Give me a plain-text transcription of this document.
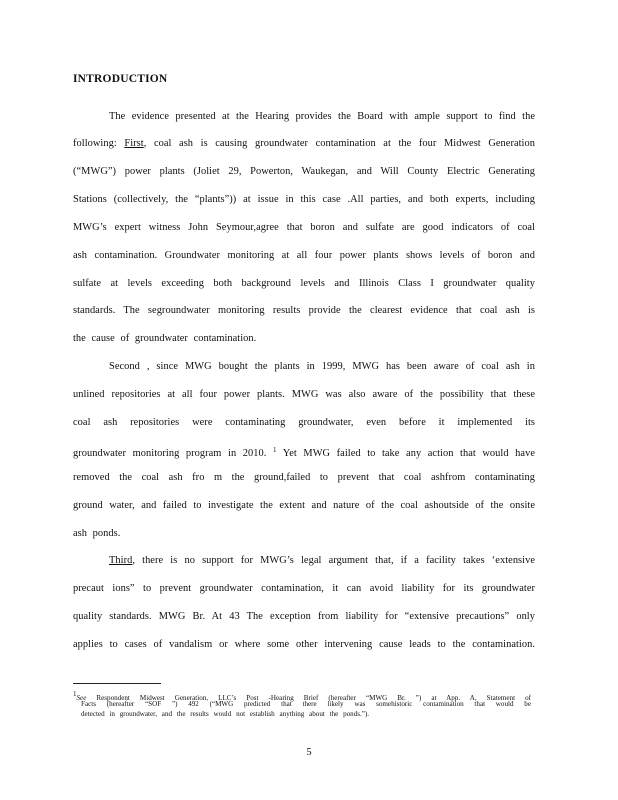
INTRODUCTION
The evidence presented at the Hearing provides the Board with ample support to find the
following: First, coal ash is causing groundwater contamination at the four Midwest Generation
(“MWG”) power plants (Joliet 29, Powerton, Waukegan, and Will County Electric Generating
Stations (collectively, the “plants”)) at issue in this case .All parties, and both experts, including
MWG’s expert witness John Seymour,agree that boron and sulfate are good indicators of coal
ash contamination. Groundwater monitoring at all four power plants shows levels of boron and
sulfate at levels exceeding both background levels and Illinois Class I groundwater quality
standards. The segroundwater monitoring results provide the clearest evidence that coal ash is
the cause of groundwater contamination.
Second , since MWG bought the plants in 1999, MWG has been aware of coal ash in
unlined repositories at all four power plants. MWG was also aware of the possibility that these
coal ash repositories were contaminating groundwater, even before it implemented its
groundwater monitoring program in 2010. $^1$ Yet MWG failed to take any action that would have
removed the coal ash fro m the ground,failed to prevent that coal ashfrom contaminating
ground water, and failed to investigate the extent and nature of the coal ashoutside of the onsite
ash ponds.
Third, there is no support for MWG’s legal argument that, if a facility takes ‘extensive
precaut ions” to prevent groundwater contamination, it can avoid liability for its groundwater
quality standards. MWG Br. At 43 The exception from liability for “extensive precautions” only
applies to cases of vandalism or where some other intervening cause leads to the contamination.
1See Respondent Midwest Generation, LLC’s Post -Hearing Brief (hereafter “MWG Br. ”) at App. A, Statement of
Facts (hereafter “SOF ”) 492 (“MWG predicted that there likely was somehistoric contamination that would be
detected in groundwater, and the results would not establish anything about the ponds.”).
5
